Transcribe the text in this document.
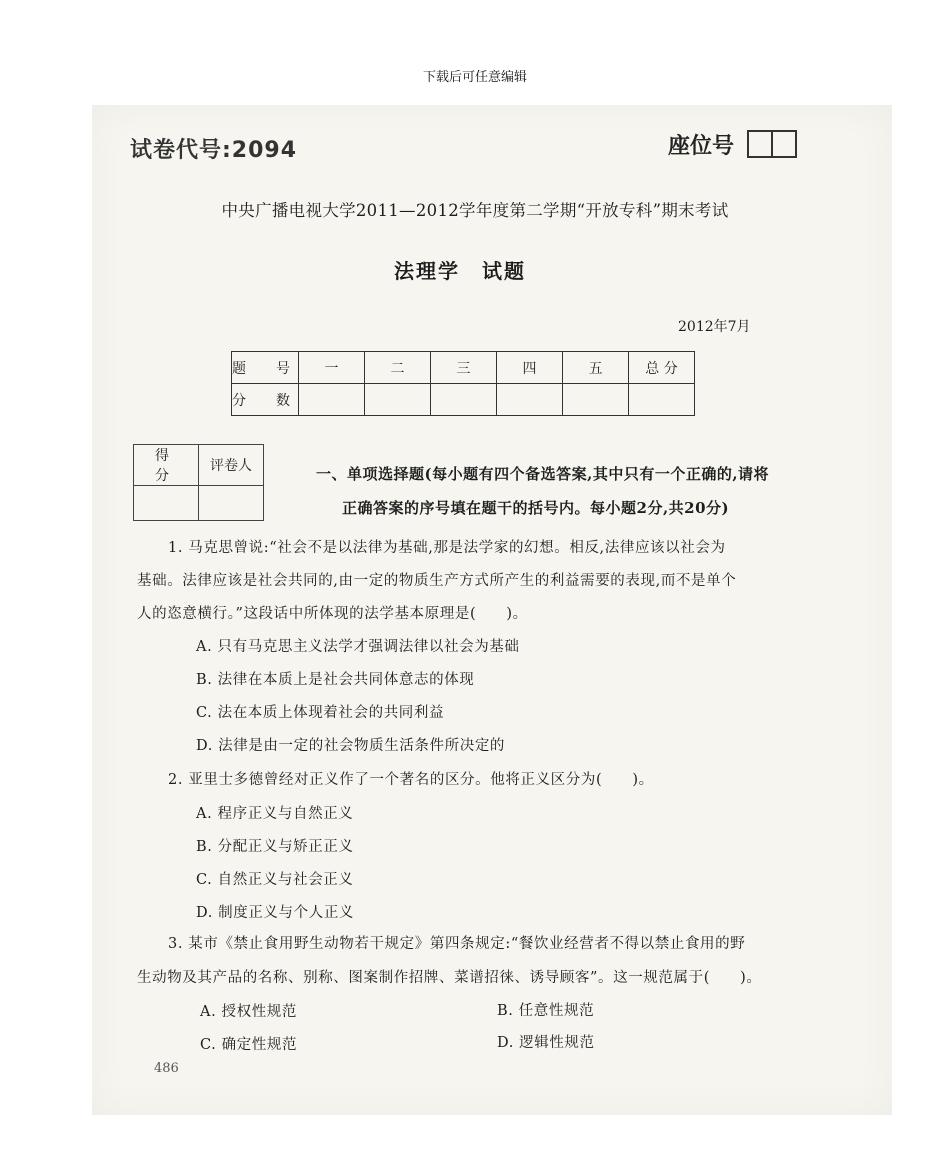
下载后可任意编辑
试卷代号:2094	座位号
中央广播电视大学2011—2012学年度第二学期“开放专科”期末考试
法理学　试题
2012年7月
题　号	一	二	三	四	五	总 分
分　数						
得　分	评卷人
		一、单项选择题(每小题有四个备选答案,其中只有一个正确的,请将
正确答案的序号填在题干的括号内。每小题2分,共20分)
1. 马克思曾说:“社会不是以法律为基础,那是法学家的幻想。相反,法律应该以社会为
基础。法律应该是社会共同的,由一定的物质生产方式所产生的利益需要的表现,而不是单个
人的恣意横行。”这段话中所体现的法学基本原理是(　　)。
A. 只有马克思主义法学才强调法律以社会为基础
B. 法律在本质上是社会共同体意志的体现
C. 法在本质上体现着社会的共同利益
D. 法律是由一定的社会物质生活条件所决定的
2. 亚里士多德曾经对正义作了一个著名的区分。他将正义区分为(　　)。
A. 程序正义与自然正义
B. 分配正义与矫正正义
C. 自然正义与社会正义
D. 制度正义与个人正义
3. 某市《禁止食用野生动物若干规定》第四条规定:“餐饮业经营者不得以禁止食用的野
生动物及其产品的名称、别称、图案制作招牌、菜谱招徕、诱导顾客”。这一规范属于(　　)。
A. 授权性规范	B. 任意性规范
C. 确定性规范	D. 逻辑性规范
486
